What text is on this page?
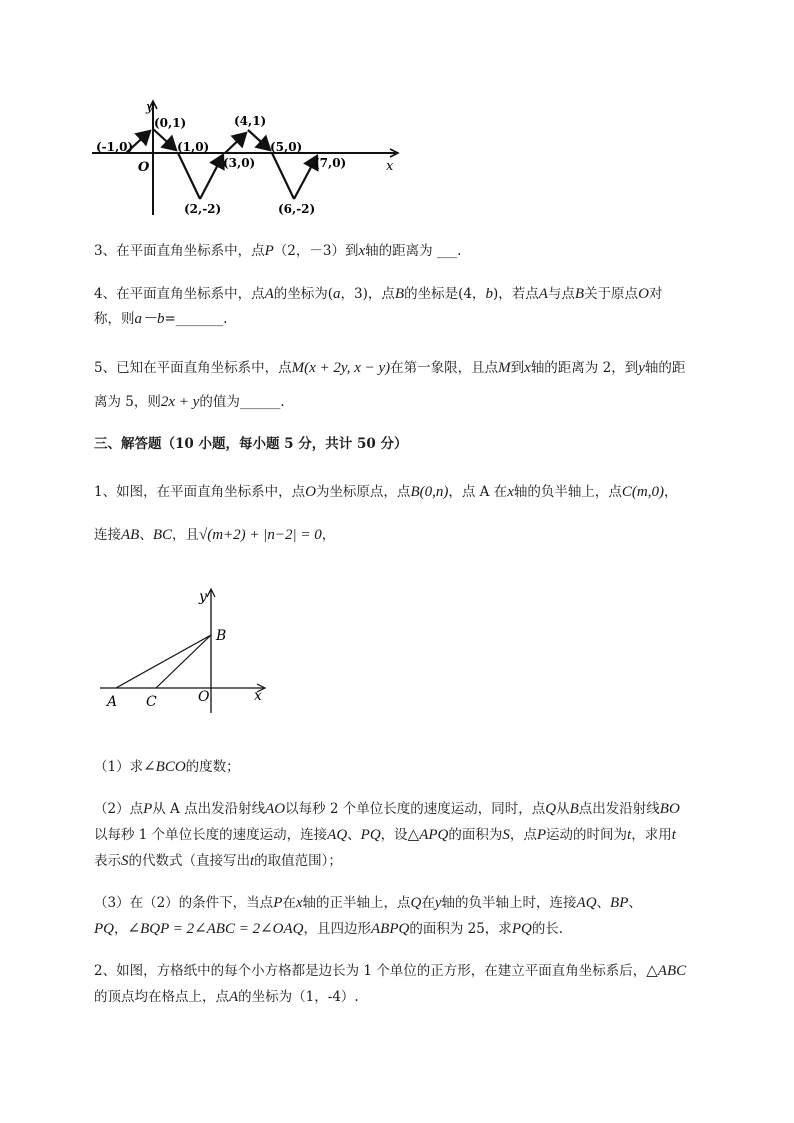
y
x
O
(-1,0)
(0,1)
(1,0)
(2,-2)
(3,0)
(4,1)
(5,0)
(6,-2)
(7,0)
3、在平面直角坐标系中，点P（2，－3）到x轴的距离为 ___.
4、在平面直角坐标系中，点A的坐标为(a，3)，点B的坐标是(4，b)，若点A与点B关于原点O对
称，则a－b=_______.
5、已知在平面直角坐标系中，点M(x + 2y, x − y)在第一象限，且点M到x轴的距离为 2，到y轴的距
离为 5，则2x + y的值为______.
三、解答题（10 小题，每小题 5 分，共计 50 分）
1、如图，在平面直角坐标系中，点O为坐标原点，点B(0,n)，点 A 在x轴的负半轴上，点C(m,0)，
连接AB、BC，且√(m+2) + |n−2| = 0，
y
x
B
A C	O
（1）求∠BCO的度数；
（2）点P从 A 点出发沿射线AO以每秒 2 个单位长度的速度运动，同时，点Q从B点出发沿射线BO
以每秒 1 个单位长度的速度运动，连接AQ、PQ，设△APQ的面积为S，点P运动的时间为t，求用t
表示S的代数式（直接写出t的取值范围）；
（3）在（2）的条件下，当点P在x轴的正半轴上，点Q在y轴的负半轴上时，连接AQ、BP、
PQ，∠BQP = 2∠ABC = 2∠OAQ，且四边形ABPQ的面积为 25，求PQ的长.
2、如图，方格纸中的每个小方格都是边长为 1 个单位的正方形，在建立平面直角坐标系后，△ABC
的顶点均在格点上，点A的坐标为（1，-4）.
